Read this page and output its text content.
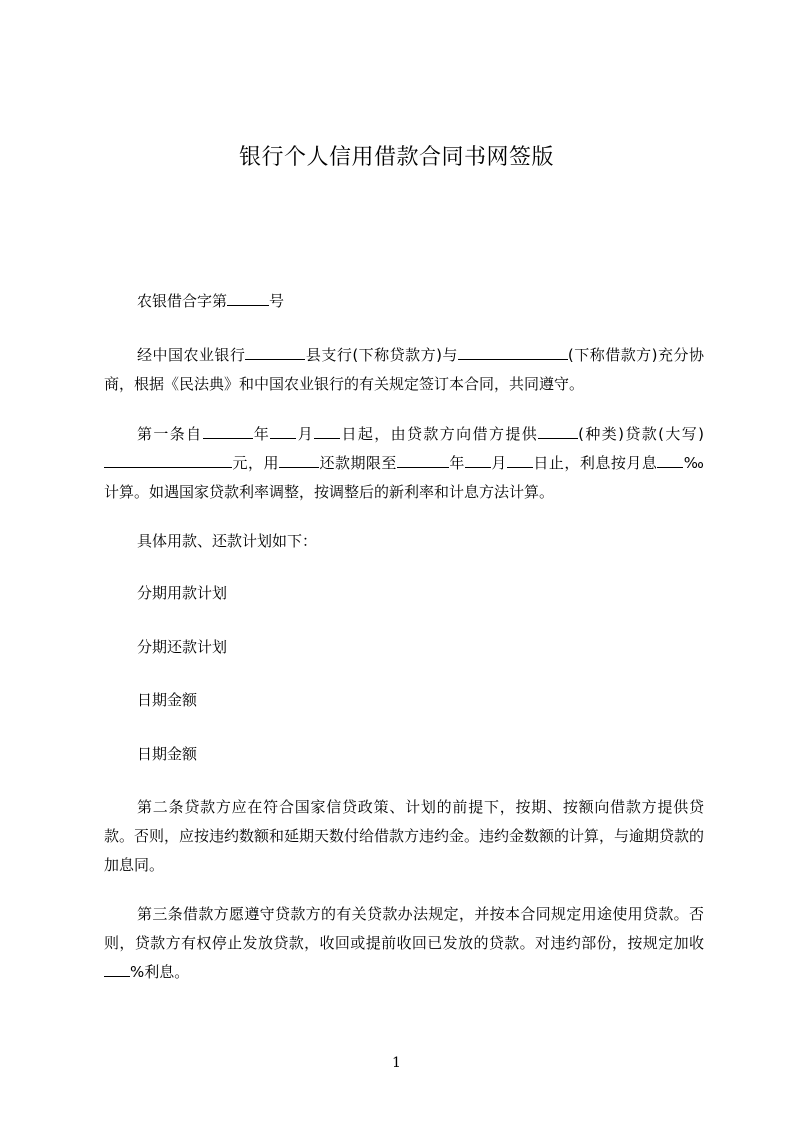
银行个人信用借款合同书网签版
农银借合字第	号
经中国农业银行	县支行(下称贷款方)与	(下称借款方)充分协商，根据《民法典》和中国农业银行的有关规定签订本合同，共同遵守。
第一条自	年 月 日起，由贷款方向借方提供	(种类)贷款(大写)元，用	还款期限至	年 月 日止，利息按月息 ‰计算。如遇国家贷款利率调整，按调整后的新利率和计息方法计算。
具体用款、还款计划如下：
分期用款计划
分期还款计划
日期金额
日期金额
第二条贷款方应在符合国家信贷政策、计划的前提下，按期、按额向借款方提供贷款。否则，应按违约数额和延期天数付给借款方违约金。违约金数额的计算，与逾期贷款的加息同。
第三条借款方愿遵守贷款方的有关贷款办法规定，并按本合同规定用途使用贷款。否则，贷款方有权停止发放贷款，收回或提前收回已发放的贷款。对违约部份，按规定加收%利息。
1
